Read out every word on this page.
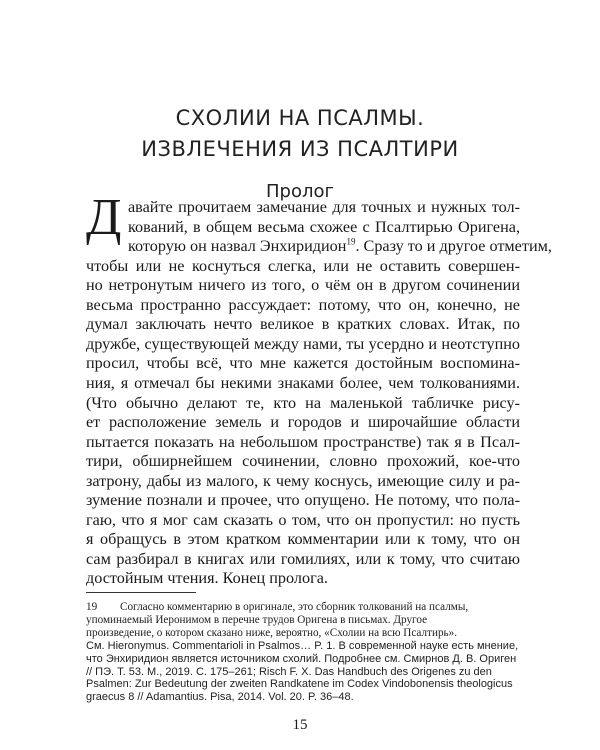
СХОЛИИ НА ПСАЛМЫ.
ИЗВЛЕЧЕНИЯ ИЗ ПСАЛТИРИ
Пролог
Д
15
авайте прочитаем замечание для точных и нужных тол-
кований, в общем весьма схожее с Псалтирью Оригена,
которую он назвал Энхиридион$^{19}$. Сразу то и другое отметим,
чтобы или не коснуться слегка, или не оставить совершен-
но нетронутым ничего из того, о чём он в другом сочинении
весьма пространно рассуждает: потому, что он, конечно, не
думал заключать нечто великое в кратких словах. Итак, по
дружбе, существующей между нами, ты усердно и неотступно
просил, чтобы всё, что мне кажется достойным воспомина-
ния, я отмечал бы некими знаками более, чем толкованиями.
(Что обычно делают те, кто на маленькой табличке рису-
ет расположение земель и городов и широчайшие области
пытается показать на небольшом пространстве) так я в Псал-
тири, обширнейшем сочинении, словно прохожий, кое-что
затрону, дабы из малого, к чему коснусь, имеющие силу и ра-
зумение познали и прочее, что опущено. Не потому, что пола-
гаю, что я мог сам сказать о том, что он пропустил: но пусть
я обращусь в этом кратком комментарии или к тому, что он
сам разбирал в книгах или гомилиях, или к тому, что считаю
достойным чтения. Конец пролога.
19 Согласно комментарию в оригинале, это сборник толкований на псалмы,
упоминаемый Иеронимом в перечне трудов Оригена в письмах. Другое
произведение, о котором сказано ниже, вероятно, «Схолии на всю Псалтирь».
См. Hieronymus. Commentarioli in Psalmos… P. 1. В современной науке есть мнение,
что Энхиридион является источником схолий. Подробнее см. Смирнов Д. В. Ориген
// ПЭ. Т. 53. М., 2019. С. 175–261; Risch F. X. Das Handbuch des Origenes zu den
Psalmen: Zur Bedeutung der zweiten Randkatene im Codex Vindobonensis theologicus
graecus 8 // Adamantius. Pisa, 2014. Vol. 20. P. 36–48.
